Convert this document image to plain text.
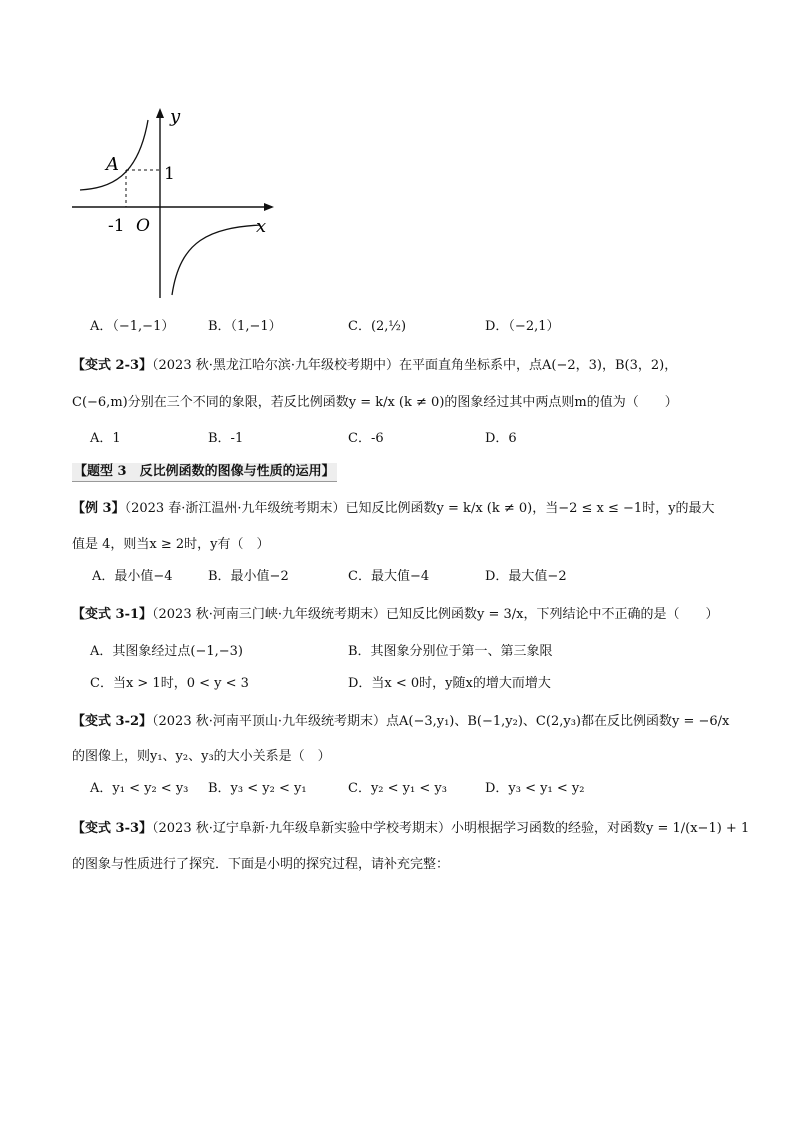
y
x
A	1
-1 O
A．（−1,−1）	B．（1,−1）	C．(2,½)	D．（−2,1）
【变式 2-3】（2023 秋·黑龙江哈尔滨·九年级校考期中）在平面直角坐标系中，点A(−2，3)，B(3，2)，
C(−6,m)分别在三个不同的象限，若反比例函数y = k/x (k ≠ 0)的图象经过其中两点则m的值为（　　）
A．1	B．-1	C．-6	D．6
【题型 3　反比例函数的图像与性质的运用】
【例 3】（2023 春·浙江温州·九年级统考期末）已知反比例函数y = k/x (k ≠ 0)，当−2 ≤ x ≤ −1时，y的最大
值是 4，则当x ≥ 2时，y有（　）
A．最小值−4	B．最小值−2	C．最大值−4	D．最大值−2
【变式 3-1】（2023 秋·河南三门峡·九年级统考期末）已知反比例函数y = 3/x，下列结论中不正确的是（　　）
A．其图象经过点(−1,−3)	B．其图象分别位于第一、第三象限
C．当x > 1时，0 < y < 3	D．当x < 0时，y随x的增大而增大
【变式 3-2】（2023 秋·河南平顶山·九年级统考期末）点A(−3,y₁)、B(−1,y₂)、C(2,y₃)都在反比例函数y = −6/x
的图像上，则y₁、y₂、y₃的大小关系是（　）
A．y₁ < y₂ < y₃ B．y₃ < y₂ < y₁	C．y₂ < y₁ < y₃	D．y₃ < y₁ < y₂
【变式 3-3】（2023 秋·辽宁阜新·九年级阜新实验中学校考期末）小明根据学习函数的经验，对函数y = 1/(x−1) + 1
的图象与性质进行了探究．下面是小明的探究过程，请补充完整：
